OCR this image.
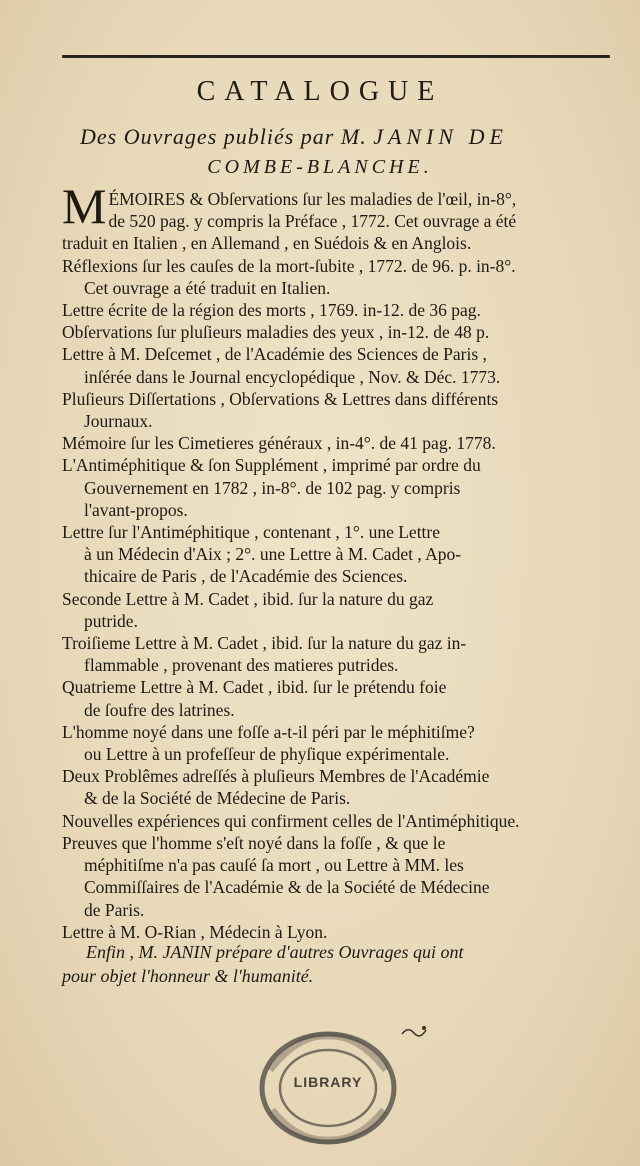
CATALOGUE
Des Ouvrages publiés par M. JANIN DE
COMBE-BLANCHE.
M ÉMOIRES & Obſervations ſur les maladies de l'œil, in-8°,
de 520 pag. y compris la Préface , 1772. Cet ouvrage a été
traduit en Italien , en Allemand , en Suédois & en Anglois.
Réflexions ſur les cauſes de la mort-ſubite , 1772. de 96. p. in-8°.
Cet ouvrage a été traduit en Italien.
Lettre écrite de la région des morts , 1769. in-12. de 36 pag.
Obſervations ſur pluſieurs maladies des yeux , in-12. de 48 p.
Lettre à M. Deſcemet , de l'Académie des Sciences de Paris ,
inſérée dans le Journal encyclopédique , Nov. & Déc. 1773.
Pluſieurs Diſſertations , Obſervations & Lettres dans différents
Journaux.
Mémoire ſur les Cimetieres généraux , in-4°. de 41 pag. 1778.
L'Antiméphitique & ſon Supplément , imprimé par ordre du
Gouvernement en 1782 , in-8°. de 102 pag. y compris
l'avant-propos.
Lettre ſur l'Antiméphitique , contenant , 1°. une Lettre
à un Médecin d'Aix ; 2°. une Lettre à M. Cadet , Apo-
thicaire de Paris , de l'Académie des Sciences.
Seconde Lettre à M. Cadet , ibid. ſur la nature du gaz
putride.
Troiſieme Lettre à M. Cadet , ibid. ſur la nature du gaz in-
flammable , provenant des matieres putrides.
Quatrieme Lettre à M. Cadet , ibid. ſur le prétendu foie
de ſoufre des latrines.
L'homme noyé dans une foſſe a-t-il péri par le méphitiſme?
ou Lettre à un profeſſeur de phyſique expérimentale.
Deux Problêmes adreſſés à pluſieurs Membres de l'Académie
& de la Société de Médecine de Paris.
Nouvelles expériences qui confirment celles de l'Antiméphitique.
Preuves que l'homme s'eſt noyé dans la foſſe , & que le
méphitiſme n'a pas cauſé ſa mort , ou Lettre à MM. les
Commiſſaires de l'Académie & de la Société de Médecine
de Paris.
Lettre à M. O-Rian , Médecin à Lyon.
Enfin , M. JANIN prépare d'autres Ouvrages qui ont
pour objet l'honneur & l'humanité.
LIBRARY
